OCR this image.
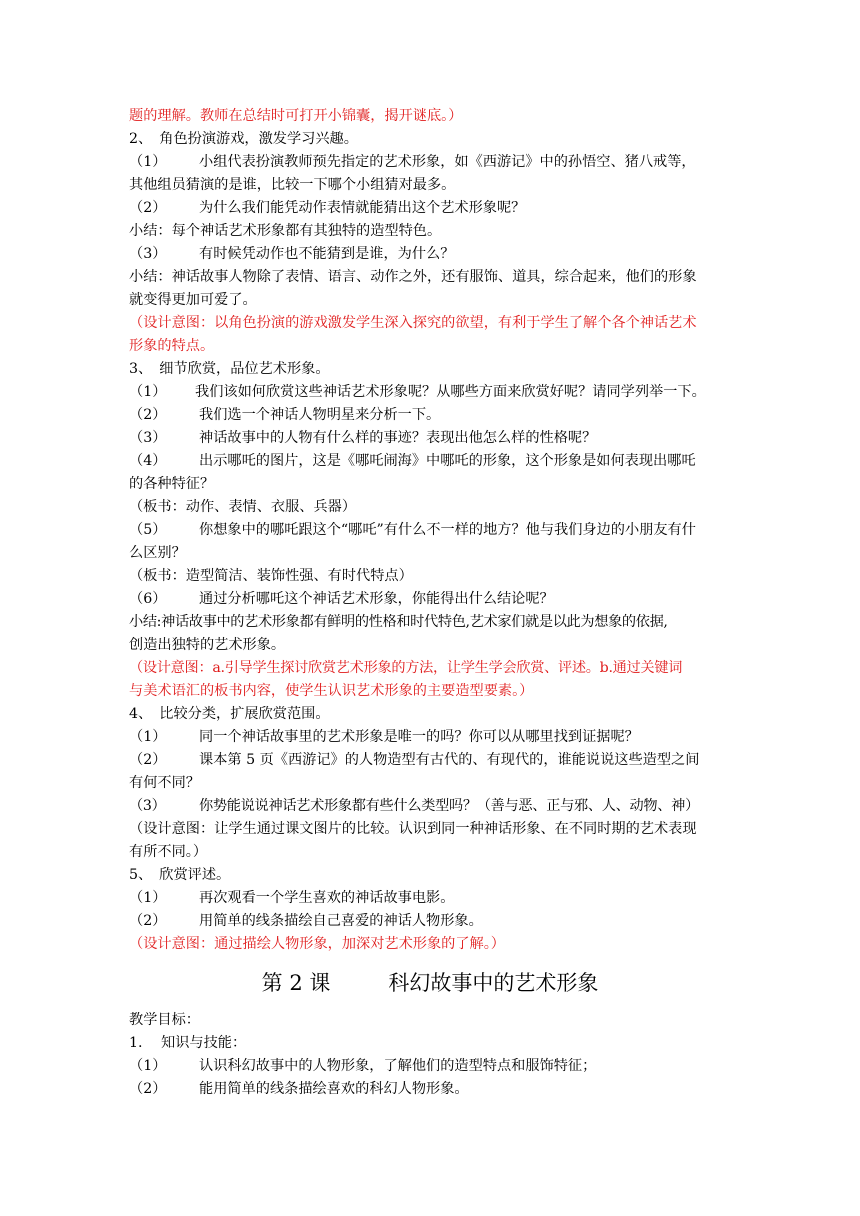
题的理解。教师在总结时可打开小锦囊，揭开谜底。）
2、　角色扮演游戏，激发学习兴趣。
（1） 小组代表扮演教师预先指定的艺术形象，如《西游记》中的孙悟空、猪八戒等，
其他组员猜演的是谁，比较一下哪个小组猜对最多。
（2） 为什么我们能凭动作表情就能猜出这个艺术形象呢？
小结：每个神话艺术形象都有其独特的造型特色。
（3） 有时候凭动作也不能猜到是谁，为什么？
小结：神话故事人物除了表情、语言、动作之外，还有服饰、道具，综合起来，他们的形象
就变得更加可爱了。
（设计意图：以角色扮演的游戏激发学生深入探究的欲望，有利于学生了解个各个神话艺术
形象的特点。
3、　细节欣赏，品位艺术形象。
（1） 我们该如何欣赏这些神话艺术形象呢？从哪些方面来欣赏好呢？请同学列举一下。
（2） 我们选一个神话人物明星来分析一下。
（3） 神话故事中的人物有什么样的事迹？表现出他怎么样的性格呢？
（4） 出示哪吒的图片，这是《哪吒闹海》中哪吒的形象，这个形象是如何表现出哪吒
的各种特征？
（板书：动作、表情、衣服、兵器）
（5） 你想象中的哪吒跟这个“哪吒”有什么不一样的地方？他与我们身边的小朋友有什
么区别？
（板书：造型简洁、装饰性强、有时代特点）
（6） 通过分析哪吒这个神话艺术形象，你能得出什么结论呢？
小结:神话故事中的艺术形象都有鲜明的性格和时代特色,艺术家们就是以此为想象的依据,
创造出独特的艺术形象。
（设计意图：a.引导学生探讨欣赏艺术形象的方法，让学生学会欣赏、评述。b.通过关键词
与美术语汇的板书内容，使学生认识艺术形象的主要造型要素。）
4、　比较分类，扩展欣赏范围。
（1） 同一个神话故事里的艺术形象是唯一的吗？你可以从哪里找到证据呢？
（2） 课本第 5 页《西游记》的人物造型有古代的、有现代的，谁能说说这些造型之间
有何不同？
（3） 你势能说说神话艺术形象都有些什么类型吗？（善与恶、正与邪、人、动物、神）
（设计意图：让学生通过课文图片的比较。认识到同一种神话形象、在不同时期的艺术表现
有所不同。）
5、　欣赏评述。
（1） 再次观看一个学生喜欢的神话故事电影。
（2） 用简单的线条描绘自己喜爱的神话人物形象。
（设计意图：通过描绘人物形象，加深对艺术形象的了解。）
第 2 课	科幻故事中的艺术形象
教学目标：
1. 知识与技能：
（1） 认识科幻故事中的人物形象，了解他们的造型特点和服饰特征；
（2） 能用简单的线条描绘喜欢的科幻人物形象。
